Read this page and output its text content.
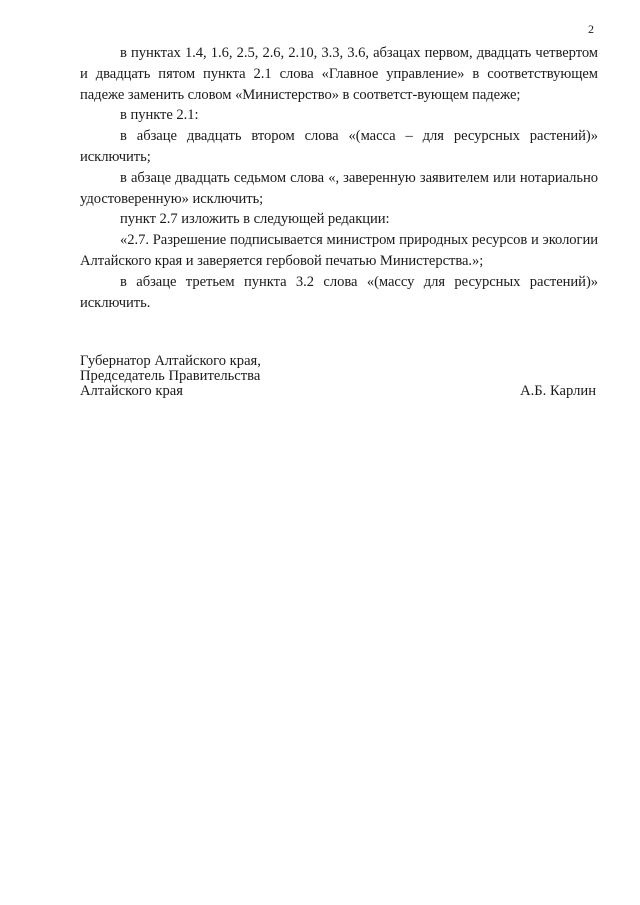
2

в пунктах 1.4, 1.6, 2.5, 2.6, 2.10, 3.3, 3.6, абзацах первом, двадцать четвертом и двадцать пятом пункта 2.1 слова «Главное управление» в соответствующем падеже заменить словом «Министерство» в соответст-вующем падеже;

в пункте 2.1:

в абзаце двадцать втором слова «(масса – для ресурсных растений)» исключить;

в абзаце двадцать седьмом слова «, заверенную заявителем или нотариально удостоверенную» исключить;

пункт 2.7 изложить в следующей редакции:

«2.7. Разрешение подписывается министром природных ресурсов и экологии Алтайского края и заверяется гербовой печатью Министерства.»;

в абзаце третьем пункта 3.2 слова «(массу для ресурсных растений)» исключить.

Губернатор Алтайского края,
Председатель Правительства
Алтайского края	А.Б. Карлин
